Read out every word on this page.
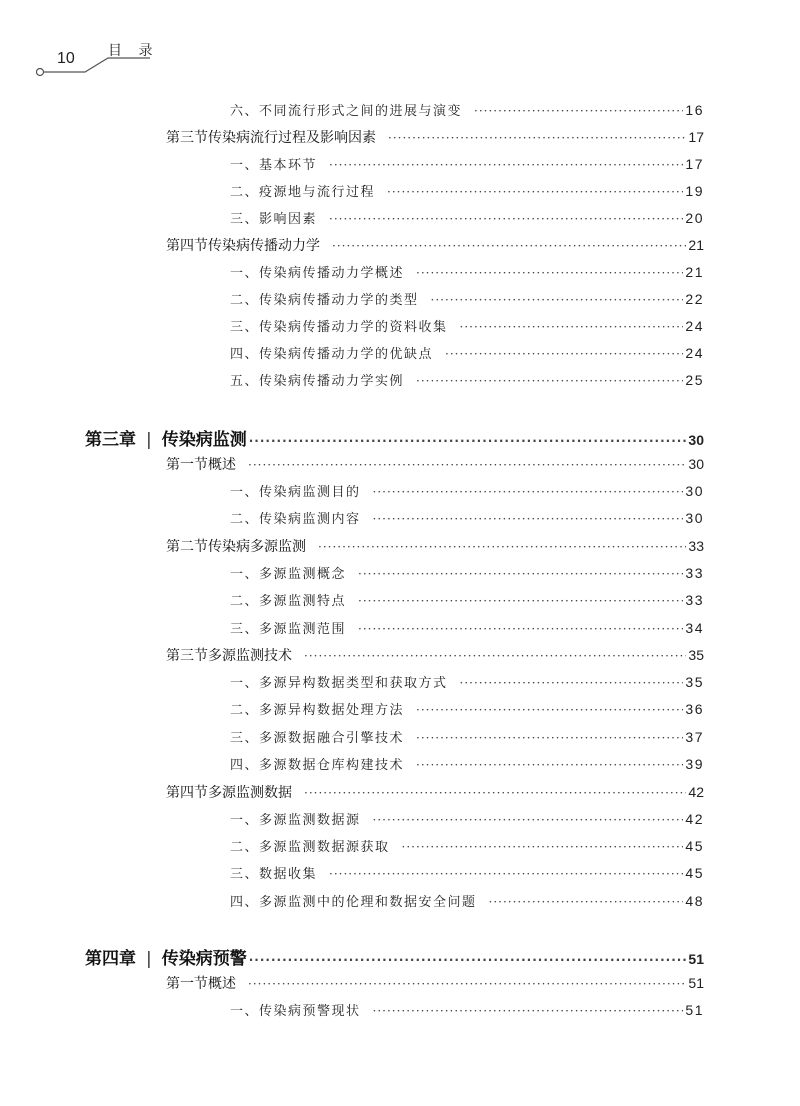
10 目 录
六、不同流行形式之间的进展与演变 ·····	16
第三节 传染病流行过程及影响因素 ·····	17
一、基本环节 ·····	17
二、疫源地与流行过程 ·····	19
三、影响因素 ·····	20
第四节 传染病传播动力学 ·····	21
一、传染病传播动力学概述 ·····	21
二、传染病传播动力学的类型 ·····	22
三、传染病传播动力学的资料收集 ·····	24
四、传染病传播动力学的优缺点 ·····	24
五、传染病传播动力学实例 ·····	25
第三章 | 传染病监测 ·····	30
第一节 概述 ·····	30
一、传染病监测目的 ·····	30
二、传染病监测内容 ·····	30
第二节 传染病多源监测 ·····	33
一、多源监测概念 ·····	33
二、多源监测特点 ·····	33
三、多源监测范围 ·····	34
第三节 多源监测技术 ·····	35
一、多源异构数据类型和获取方式 ·····	35
二、多源异构数据处理方法 ·····	36
三、多源数据融合引擎技术 ·····	37
四、多源数据仓库构建技术 ·····	39
第四节 多源监测数据 ·····	42
一、多源监测数据源 ·····	42
二、多源监测数据源获取 ·····	45
三、数据收集 ·····	45
四、多源监测中的伦理和数据安全问题 ·····	48
第四章 | 传染病预警 ·····	51
第一节 概述 ·····	51
一、传染病预警现状 ·····	51
